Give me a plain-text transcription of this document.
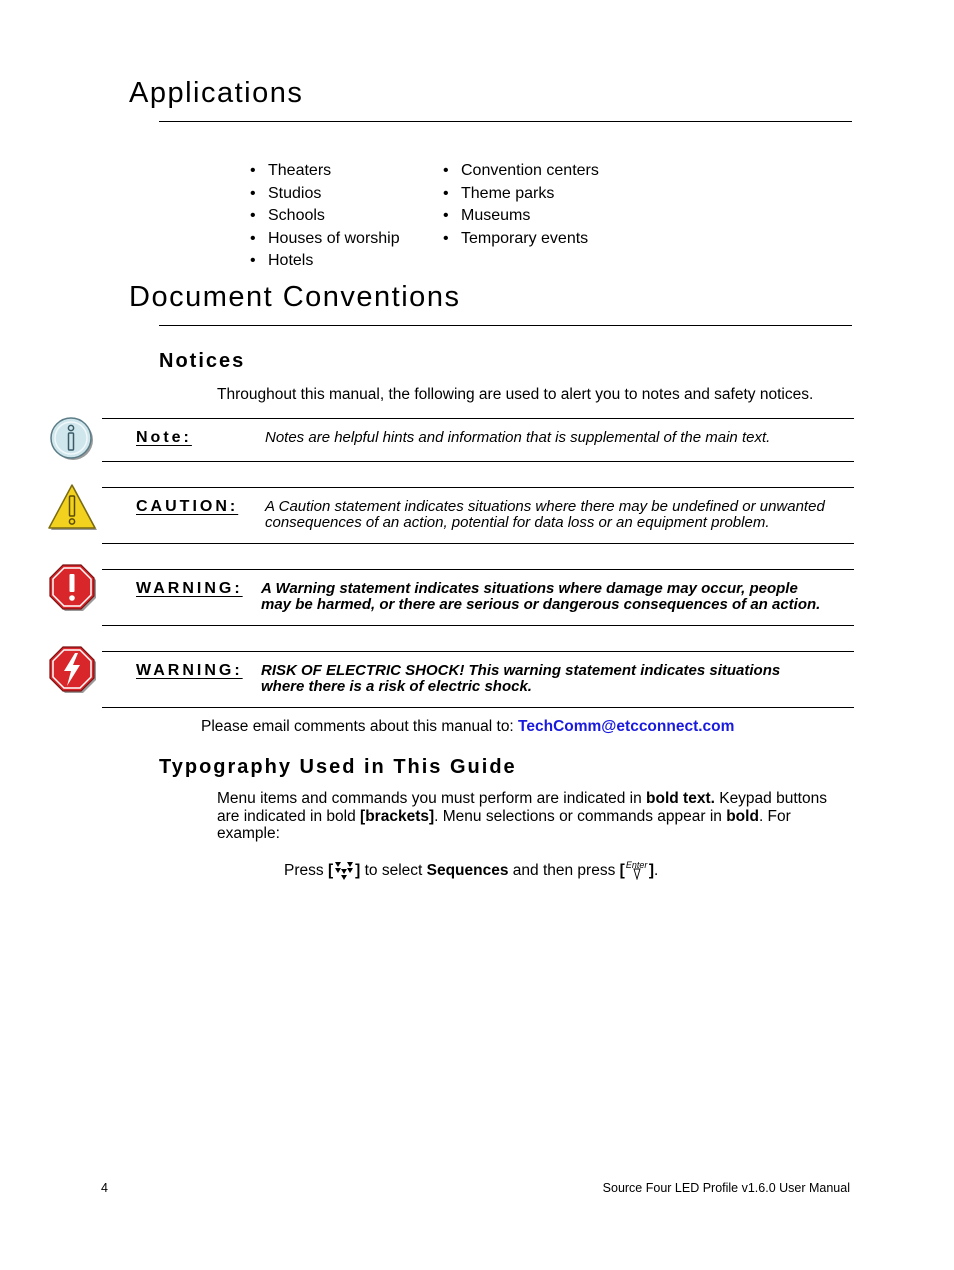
Applications
• Theaters
• Studios
• Schools
• Houses of worship
• Hotels
• Convention centers
• Theme parks
• Museums
• Temporary events
Document Conventions
Notices
Throughout this manual, the following are used to alert you to notes and safety notices.
Note:	Notes are helpful hints and information that is supplemental of the main text.
CAUTION: A Caution statement indicates situations where there may be undefined or unwanted
consequences of an action, potential for data loss or an equipment problem.
WARNING: A Warning statement indicates situations where damage may occur, people
may be harmed, or there are serious or dangerous consequences of an action.
WARNING: RISK OF ELECTRIC SHOCK! This warning statement indicates situations
where there is a risk of electric shock.
Please email comments about this manual to: TechComm@etcconnect.com
Typography Used in This Guide
Menu items and commands you must perform are indicated in bold text. Keypad buttons
are indicated in bold [brackets]. Menu selections or commands appear in bold. For
example:
Press [ ] to select Sequences and then press [ Enter ] .
4	Source Four LED Profile v1.6.0 User Manual
